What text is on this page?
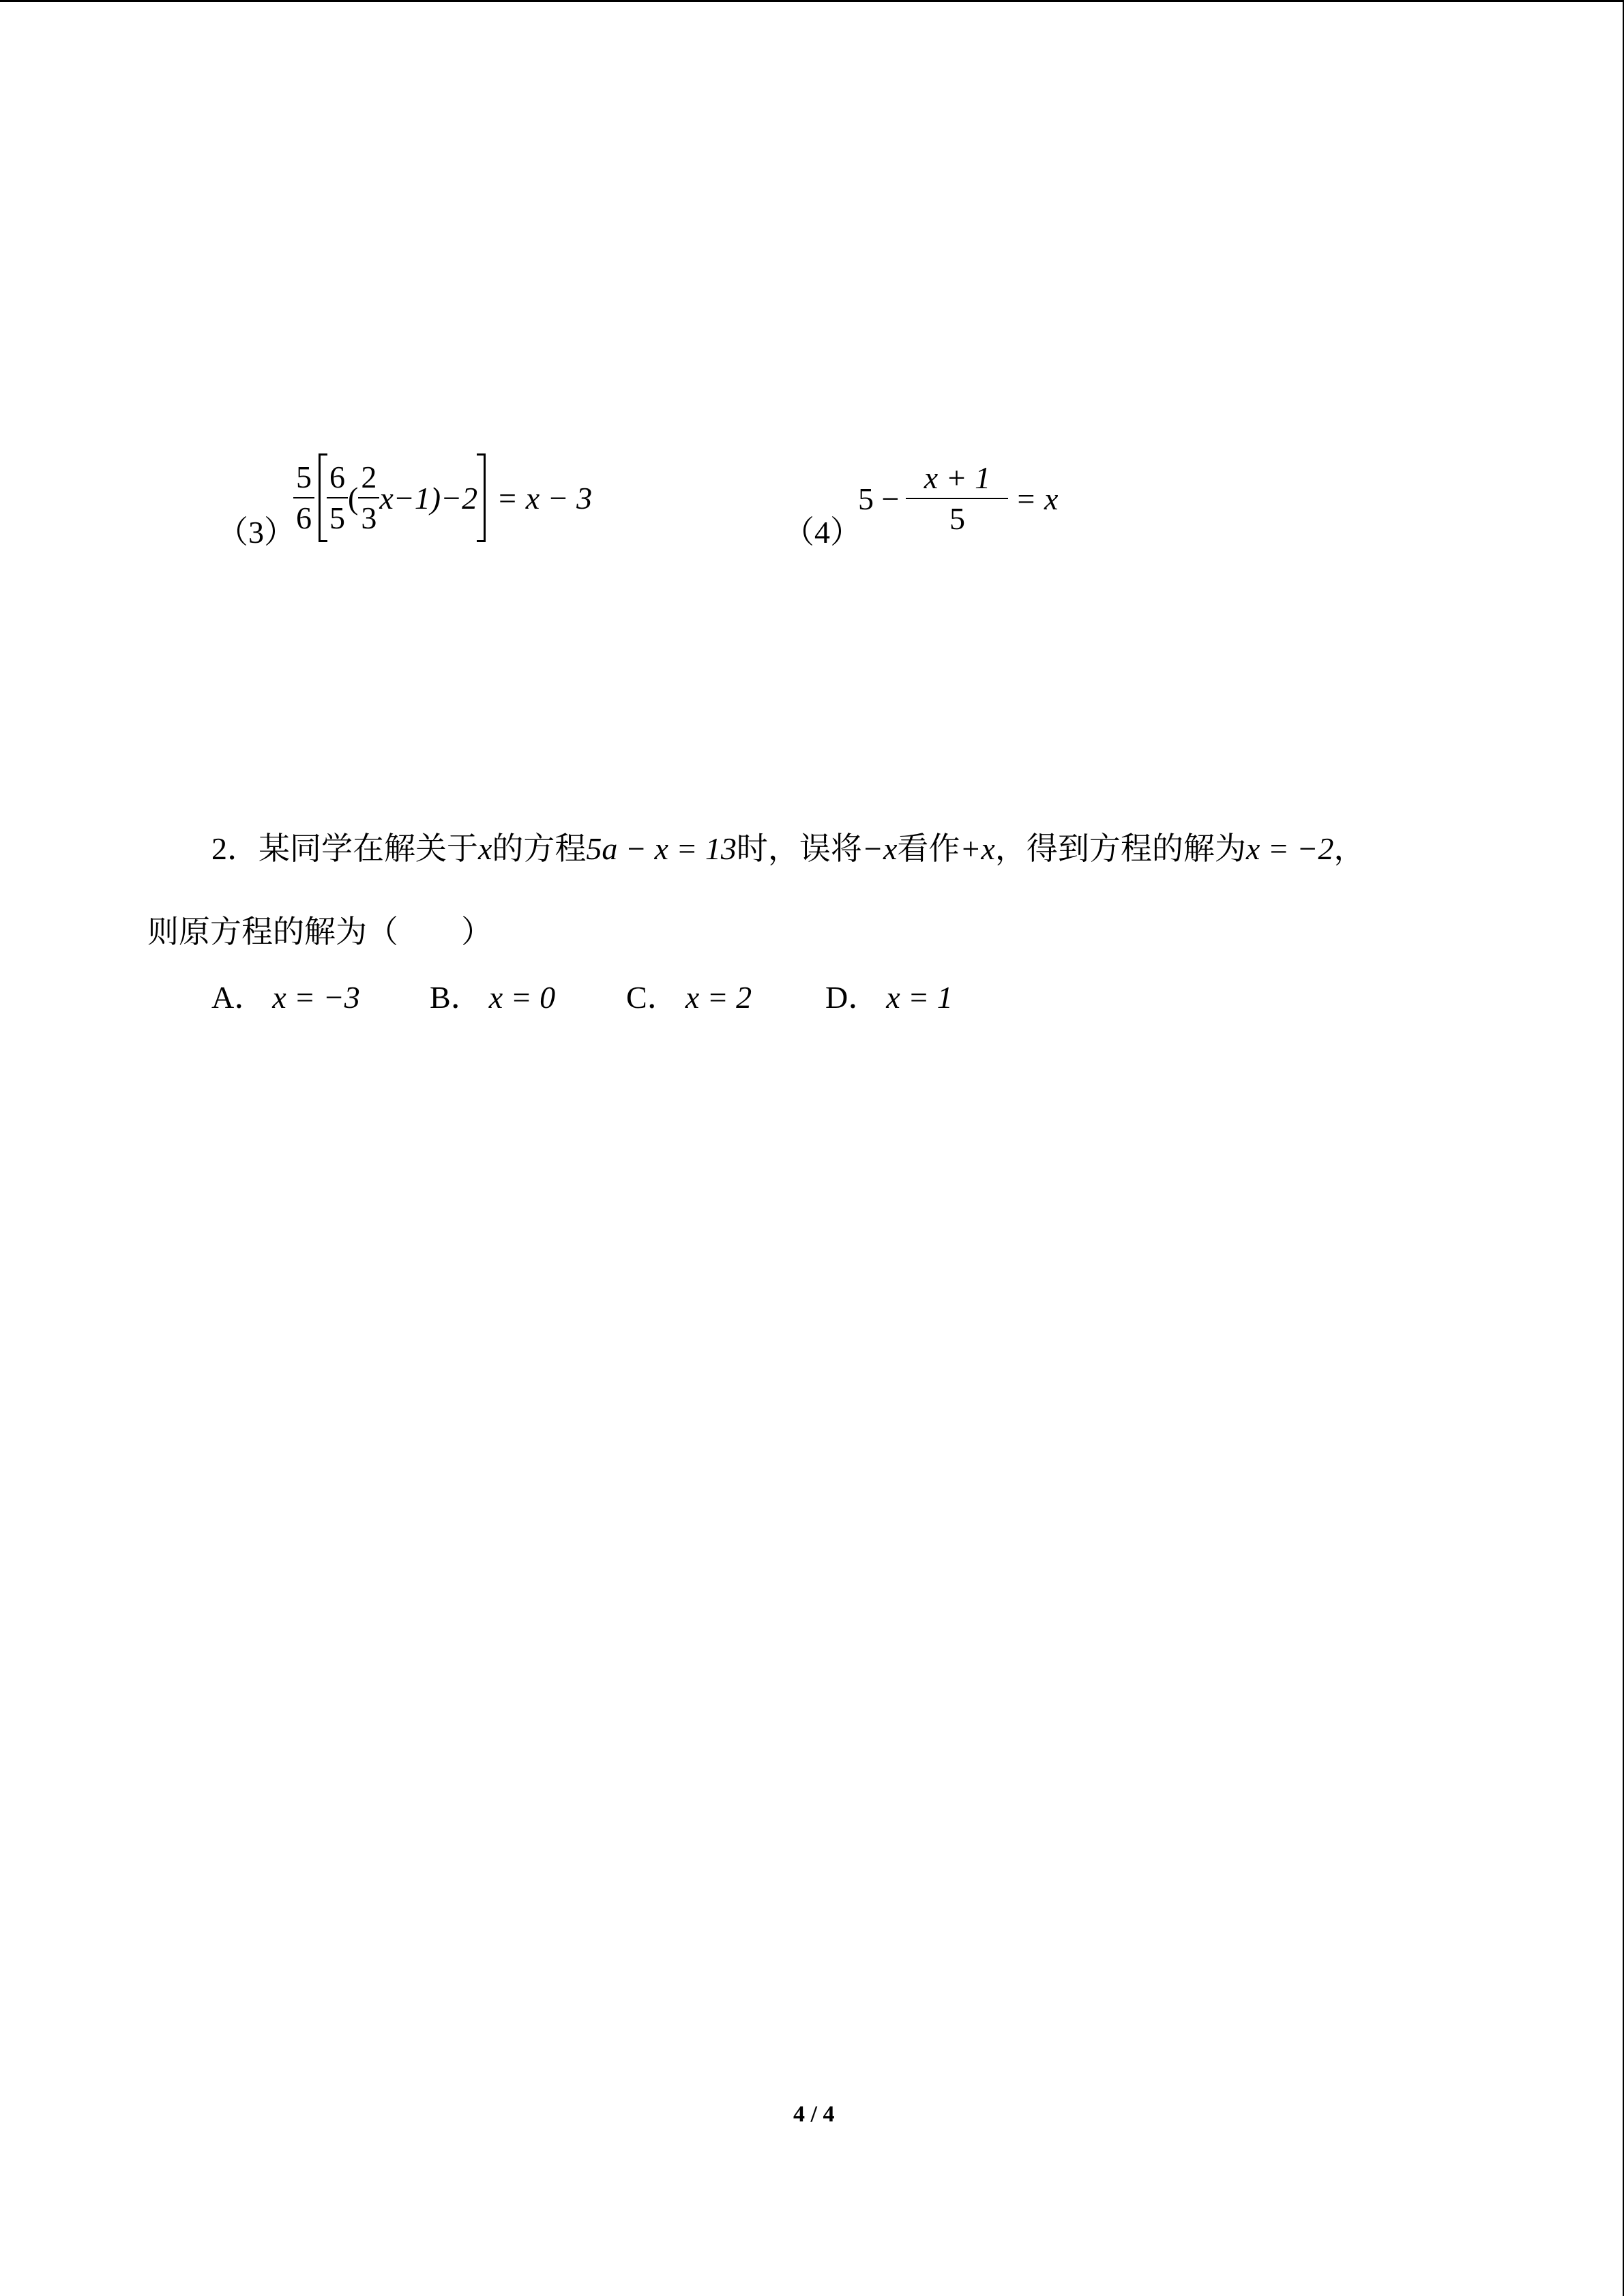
（3）
$\frac{5}{6} \frac{6}{5}$ ( $\frac{2}{3} x-1)-2 = x - 3$
（4）
$5 - \frac{x + 1}{5} = x$
2．某同学在解关于x的方程5a − x = 13时，误将−x看作+x，得到方程的解为x = −2，
则原方程的解为（　　）
A． x = −3 B． x = 0 C． x = 2 D． x = 1
4 / 4
